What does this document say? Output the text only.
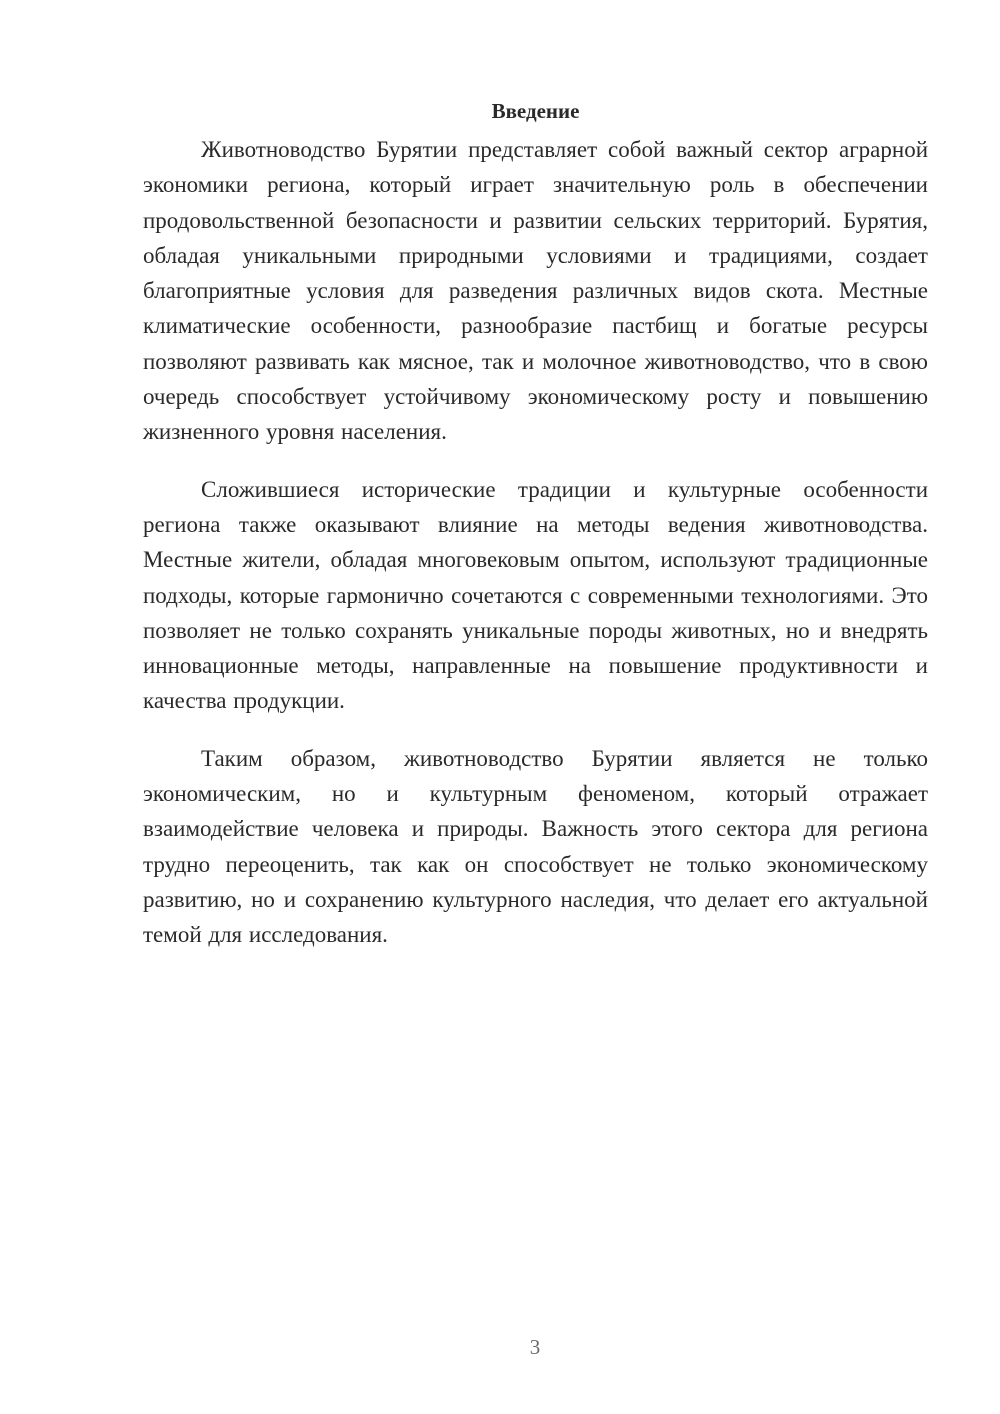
Введение

Животноводство Бурятии представляет собой важный сектор аграрной экономики региона, который играет значительную роль в обеспечении продовольственной безопасности и развитии сельских территорий. Бурятия, обладая уникальными природными условиями и традициями, создает благоприятные условия для разведения различных видов скота. Местные климатические особенности, разнообразие пастбищ и богатые ресурсы позволяют развивать как мясное, так и молочное животноводство, что в свою очередь способствует устойчивому экономическому росту и повышению жизненного уровня населения.

Сложившиеся исторические традиции и культурные особенности региона также оказывают влияние на методы ведения животноводства. Местные жители, обладая многовековым опытом, используют традиционные подходы, которые гармонично сочетаются с современными технологиями. Это позволяет не только сохранять уникальные породы животных, но и внедрять инновационные методы, направленные на повышение продуктивности и качества продукции.

Таким образом, животноводство Бурятии является не только экономическим, но и культурным феноменом, который отражает взаимодействие человека и природы. Важность этого сектора для региона трудно переоценить, так как он способствует не только экономическому развитию, но и сохранению культурного наследия, что делает его актуальной темой для исследования.

3
